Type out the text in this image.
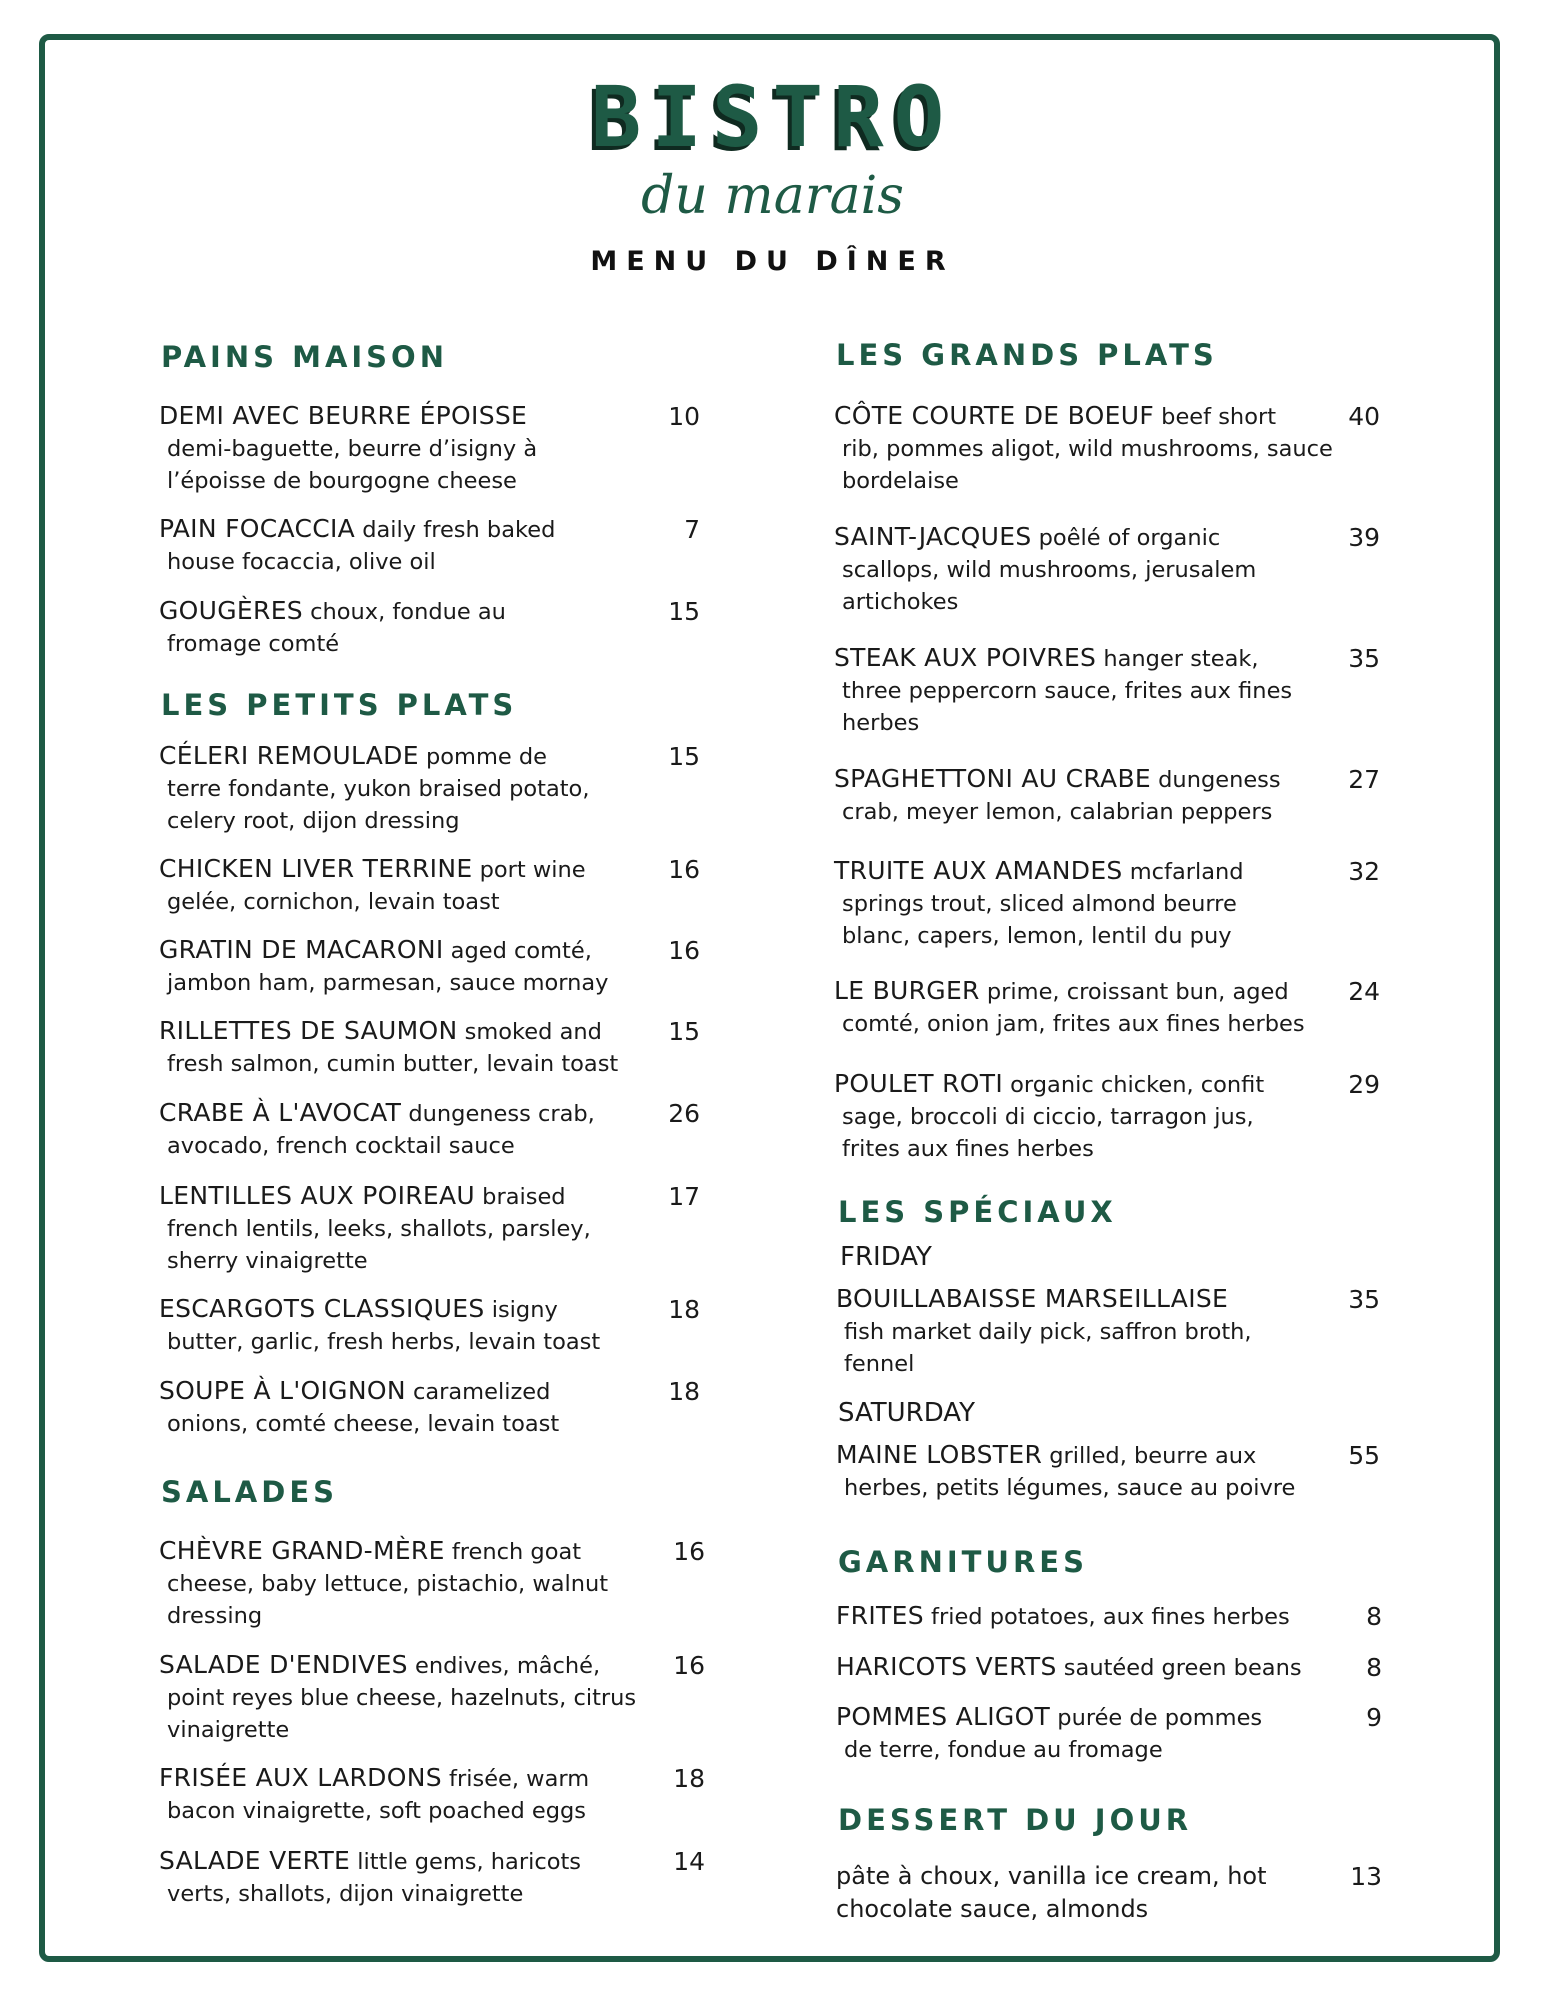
BISTRO
du marais
MENU DU DÎNER
PAINS MAISON
DEMI AVEC BEURRE ÉPOISSE
demi-baguette, beurre d’isigny à
l’époisse de bourgogne cheese
10
PAIN FOCACCIA daily fresh baked
house focaccia, olive oil
7
GOUGÈRES choux, fondue au
fromage comté
15
LES PETITS PLATS
CÉLERI REMOULADE pomme de
terre fondante, yukon braised potato,
celery root, dijon dressing
15
CHICKEN LIVER TERRINE port wine
gelée, cornichon, levain toast
16
GRATIN DE MACARONI aged comté,
jambon ham, parmesan, sauce mornay
16
RILLETTES DE SAUMON smoked and
fresh salmon, cumin butter, levain toast
15
CRABE À L'AVOCAT dungeness crab,
avocado, french cocktail sauce
26
LENTILLES AUX POIREAU braised
french lentils, leeks, shallots, parsley,
sherry vinaigrette
17
ESCARGOTS CLASSIQUES isigny
butter, garlic, fresh herbs, levain toast
18
SOUPE À L'OIGNON caramelized
onions, comté cheese, levain toast
18
SALADES
CHÈVRE GRAND-MÈRE french goat
cheese, baby lettuce, pistachio, walnut
dressing
16
SALADE D'ENDIVES endives, mâché,
point reyes blue cheese, hazelnuts, citrus
vinaigrette
16
FRISÉE AUX LARDONS frisée, warm
bacon vinaigrette, soft poached eggs
18
SALADE VERTE little gems, haricots
verts, shallots, dijon vinaigrette
14
LES GRANDS PLATS
CÔTE COURTE DE BOEUF beef short
rib, pommes aligot, wild mushrooms, sauce
bordelaise
40
SAINT-JACQUES poêlé of organic
scallops, wild mushrooms, jerusalem
artichokes
39
STEAK AUX POIVRES hanger steak,
three peppercorn sauce, frites aux fines
herbes
35
SPAGHETTONI AU CRABE dungeness
crab, meyer lemon, calabrian peppers
27
TRUITE AUX AMANDES mcfarland
springs trout, sliced almond beurre
blanc, capers, lemon, lentil du puy
32
LE BURGER prime, croissant bun, aged
comté, onion jam, frites aux fines herbes
24
POULET ROTI organic chicken, confit
sage, broccoli di ciccio, tarragon jus,
frites aux fines herbes
29
LES SPÉCIAUX
BOUILLABAISSE MARSEILLAISE
fish market daily pick, saffron broth,
fennel
35
MAINE LOBSTER grilled, beurre aux
herbes, petits légumes, sauce au poivre
55
FRIDAY
SATURDAY
GARNITURES
FRITES fried potatoes, aux fines herbes	8
HARICOTS VERTS sautéed green beans	8
POMMES ALIGOT purée de pommes
de terre, fondue au fromage
9
DESSERT DU JOUR
pâte à choux, vanilla ice cream, hot
chocolate sauce, almonds
13
